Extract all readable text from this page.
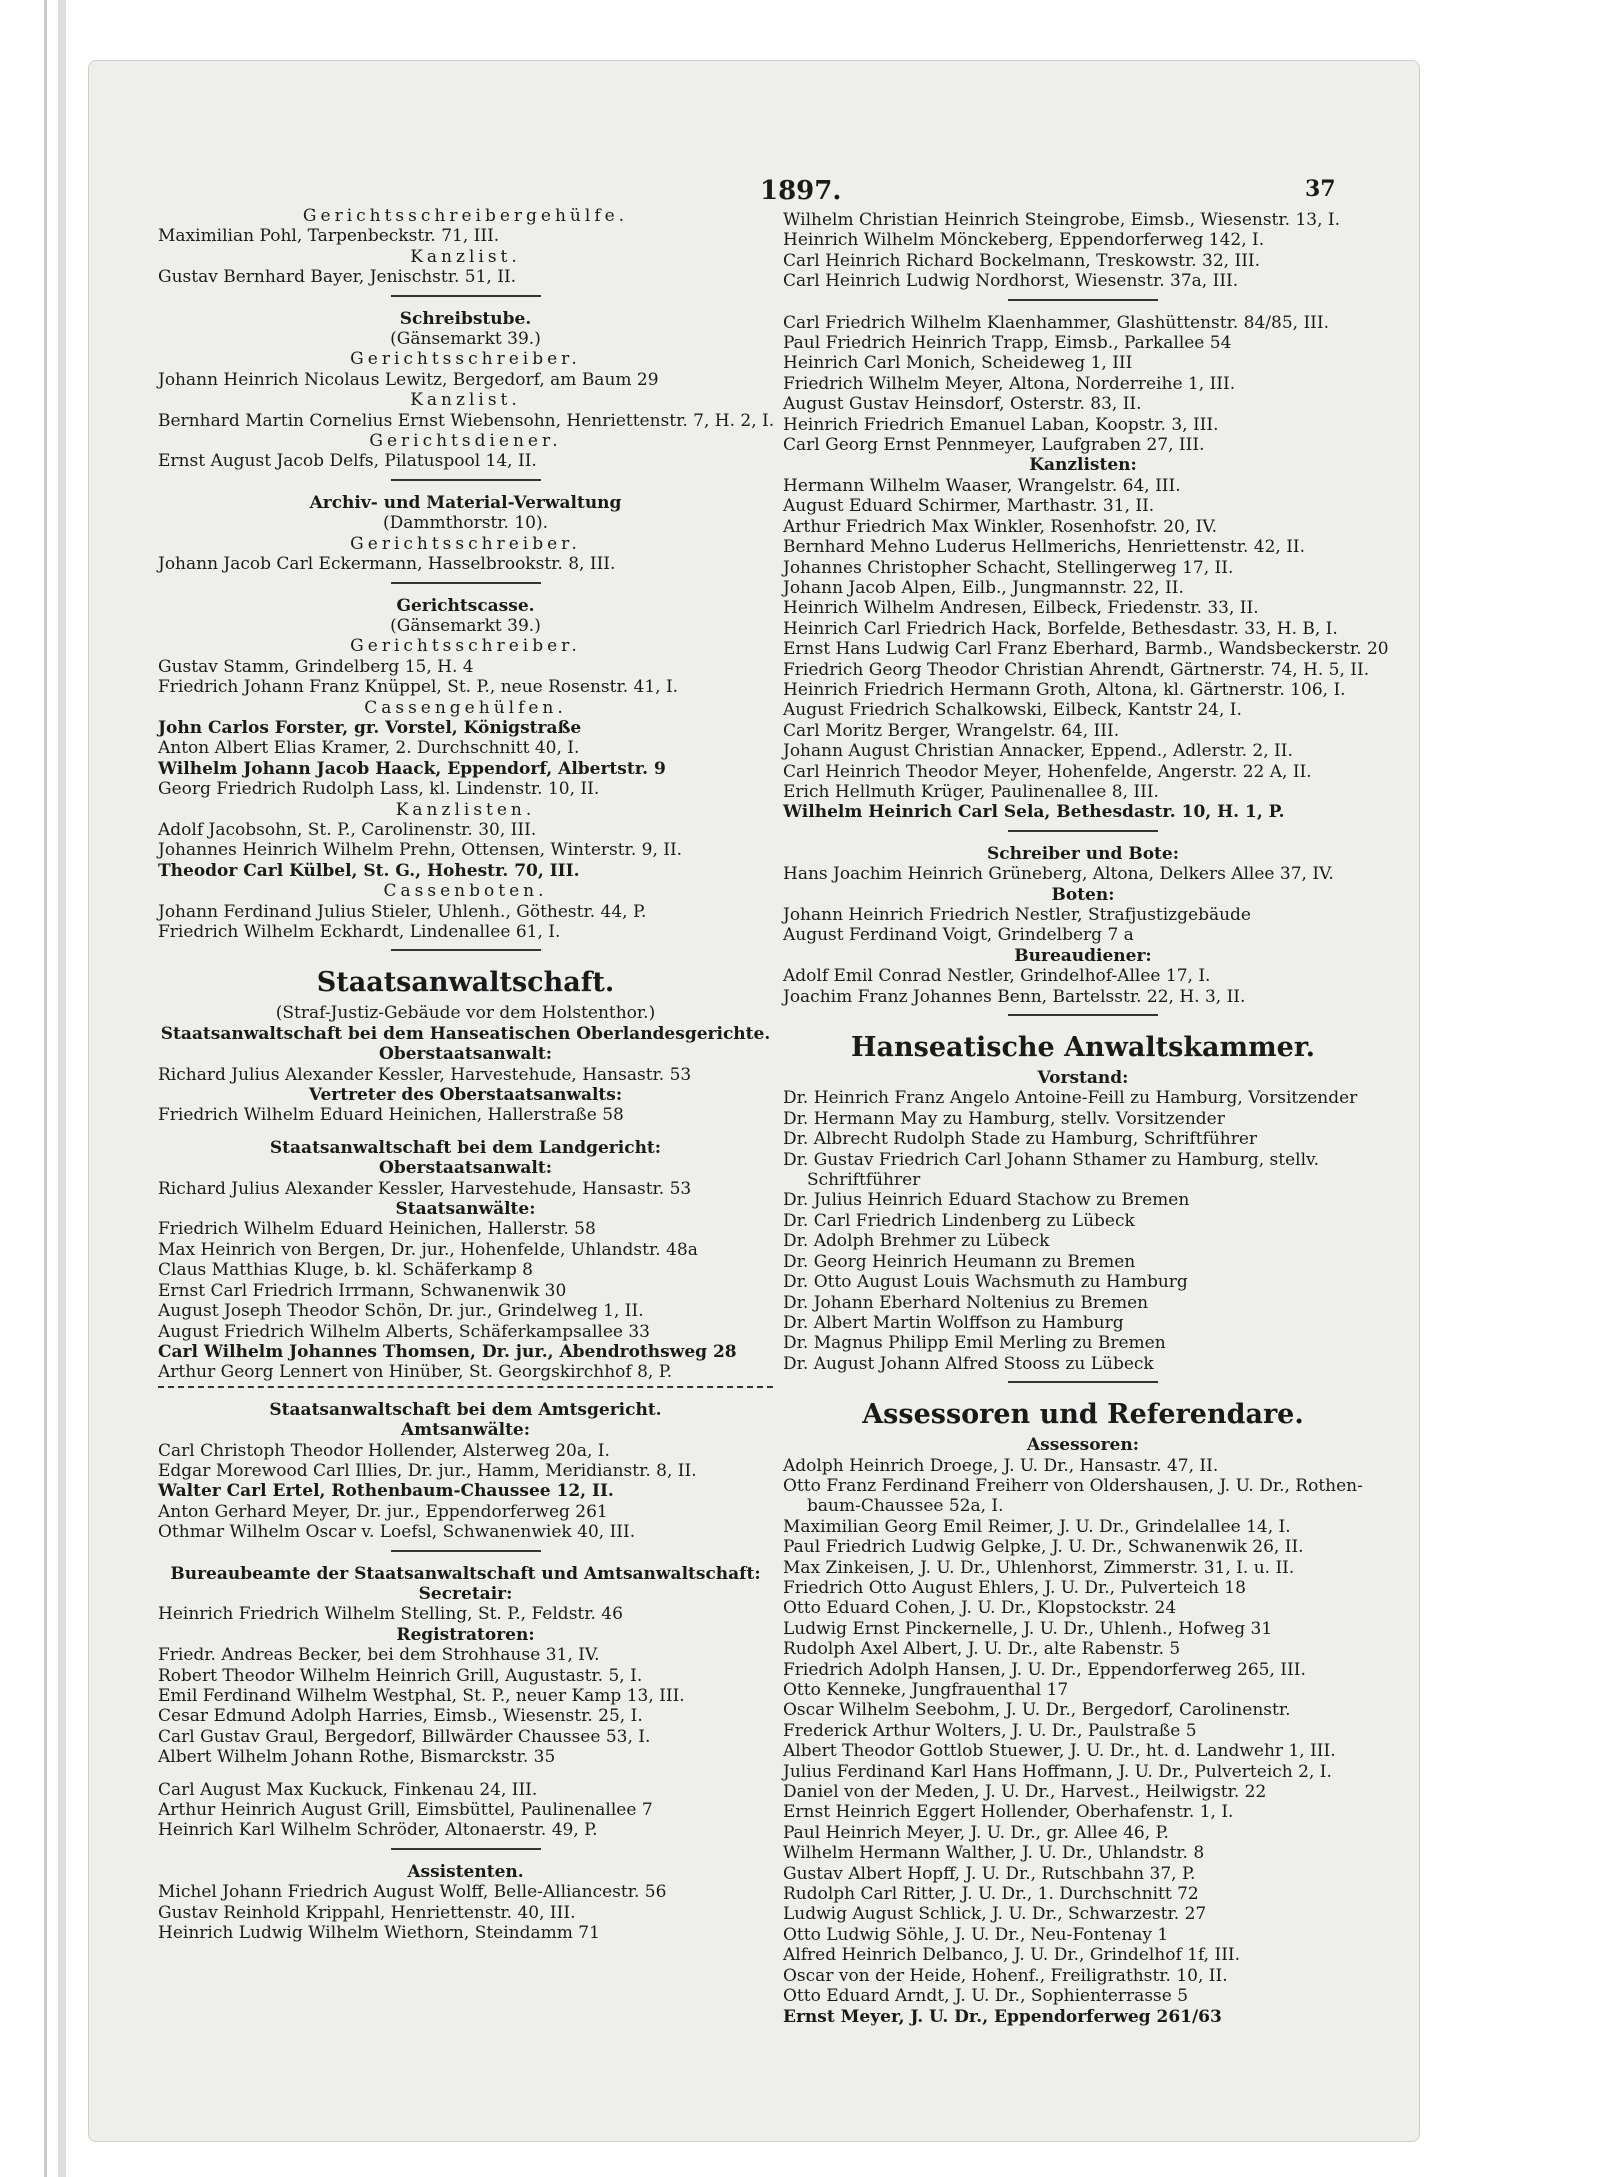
1897.	37
Gerichtsschreibergehülfe.
Maximilian Pohl, Tarpenbeckstr. 71, III.
Kanzlist.
Gustav Bernhard Bayer, Jenischstr. 51, II.
Schreibstube.
(Gänsemarkt 39.)
Gerichtsschreiber.
Johann Heinrich Nicolaus Lewitz, Bergedorf, am Baum 29
Kanzlist.
Bernhard Martin Cornelius Ernst Wiebensohn, Henriettenstr. 7, H. 2, I.
Gerichtsdiener.
Ernst August Jacob Delfs, Pilatuspool 14, II.
Archiv- und Material-Verwaltung
(Dammthorstr. 10).
Gerichtsschreiber.
Johann Jacob Carl Eckermann, Hasselbrookstr. 8, III.
Gerichtscasse.
(Gänsemarkt 39.)
Gerichtsschreiber.
Gustav Stamm, Grindelberg 15, H. 4
Friedrich Johann Franz Knüppel, St. P., neue Rosenstr. 41, I.
Cassengehülfen.
John Carlos Forster, gr. Vorstel, Königstraße
Anton Albert Elias Kramer, 2. Durchschnitt 40, I.
Wilhelm Johann Jacob Haack, Eppendorf, Albertstr. 9
Georg Friedrich Rudolph Lass, kl. Lindenstr. 10, II.
Kanzlisten.
Adolf Jacobsohn, St. P., Carolinenstr. 30, III.
Johannes Heinrich Wilhelm Prehn, Ottensen, Winterstr. 9, II.
Theodor Carl Külbel, St. G., Hohestr. 70, III.
Cassenboten.
Johann Ferdinand Julius Stieler, Uhlenh., Göthestr. 44, P.
Friedrich Wilhelm Eckhardt, Lindenallee 61, I.
Staatsanwaltschaft.
(Straf-Justiz-Gebäude vor dem Holstenthor.)
Staatsanwaltschaft bei dem Hanseatischen Oberlandesgerichte.
Oberstaatsanwalt:
Richard Julius Alexander Kessler, Harvestehude, Hansastr. 53
Vertreter des Oberstaatsanwalts:
Friedrich Wilhelm Eduard Heinichen, Hallerstraße 58
Staatsanwaltschaft bei dem Landgericht:
Oberstaatsanwalt:
Richard Julius Alexander Kessler, Harvestehude, Hansastr. 53
Staatsanwälte:
Friedrich Wilhelm Eduard Heinichen, Hallerstr. 58
Max Heinrich von Bergen, Dr. jur., Hohenfelde, Uhlandstr. 48a
Claus Matthias Kluge, b. kl. Schäferkamp 8
Ernst Carl Friedrich Irrmann, Schwanenwik 30
August Joseph Theodor Schön, Dr. jur., Grindelweg 1, II.
August Friedrich Wilhelm Alberts, Schäferkampsallee 33
Carl Wilhelm Johannes Thomsen, Dr. jur., Abendrothsweg 28
Arthur Georg Lennert von Hinüber, St. Georgskirchhof 8, P.
Staatsanwaltschaft bei dem Amtsgericht.
Amtsanwälte:
Carl Christoph Theodor Hollender, Alsterweg 20a, I.
Edgar Morewood Carl Illies, Dr. jur., Hamm, Meridianstr. 8, II.
Walter Carl Ertel, Rothenbaum-Chaussee 12, II.
Anton Gerhard Meyer, Dr. jur., Eppendorferweg 261
Othmar Wilhelm Oscar v. Loefsl, Schwanenwiek 40, III.
Bureaubeamte der Staatsanwaltschaft und Amtsanwaltschaft:
Secretair:
Heinrich Friedrich Wilhelm Stelling, St. P., Feldstr. 46
Registratoren:
Friedr. Andreas Becker, bei dem Strohhause 31, IV.
Robert Theodor Wilhelm Heinrich Grill, Augustastr. 5, I.
Emil Ferdinand Wilhelm Westphal, St. P., neuer Kamp 13, III.
Cesar Edmund Adolph Harries, Eimsb., Wiesenstr. 25, I.
Carl Gustav Graul, Bergedorf, Billwärder Chaussee 53, I.
Albert Wilhelm Johann Rothe, Bismarckstr. 35
Carl August Max Kuckuck, Finkenau 24, III.
Arthur Heinrich August Grill, Eimsbüttel, Paulinenallee 7
Heinrich Karl Wilhelm Schröder, Altonaerstr. 49, P.
Assistenten.
Michel Johann Friedrich August Wolff, Belle-Alliancestr. 56
Gustav Reinhold Krippahl, Henriettenstr. 40, III.
Heinrich Ludwig Wilhelm Wiethorn, Steindamm 71
Wilhelm Christian Heinrich Steingrobe, Eimsb., Wiesenstr. 13, I.
Heinrich Wilhelm Mönckeberg, Eppendorferweg 142, I.
Carl Heinrich Richard Bockelmann, Treskowstr. 32, III.
Carl Heinrich Ludwig Nordhorst, Wiesenstr. 37a, III.
Carl Friedrich Wilhelm Klaenhammer, Glashüttenstr. 84/85, III.
Paul Friedrich Heinrich Trapp, Eimsb., Parkallee 54
Heinrich Carl Monich, Scheideweg 1, III
Friedrich Wilhelm Meyer, Altona, Norderreihe 1, III.
August Gustav Heinsdorf, Osterstr. 83, II.
Heinrich Friedrich Emanuel Laban, Koopstr. 3, III.
Carl Georg Ernst Pennmeyer, Laufgraben 27, III.
Kanzlisten:
Hermann Wilhelm Waaser, Wrangelstr. 64, III.
August Eduard Schirmer, Marthastr. 31, II.
Arthur Friedrich Max Winkler, Rosenhofstr. 20, IV.
Bernhard Mehno Luderus Hellmerichs, Henriettenstr. 42, II.
Johannes Christopher Schacht, Stellingerweg 17, II.
Johann Jacob Alpen, Eilb., Jungmannstr. 22, II.
Heinrich Wilhelm Andresen, Eilbeck, Friedenstr. 33, II.
Heinrich Carl Friedrich Hack, Borfelde, Bethesdastr. 33, H. B, I.
Ernst Hans Ludwig Carl Franz Eberhard, Barmb., Wandsbeckerstr. 20
Friedrich Georg Theodor Christian Ahrendt, Gärtnerstr. 74, H. 5, II.
Heinrich Friedrich Hermann Groth, Altona, kl. Gärtnerstr. 106, I.
August Friedrich Schalkowski, Eilbeck, Kantstr 24, I.
Carl Moritz Berger, Wrangelstr. 64, III.
Johann August Christian Annacker, Eppend., Adlerstr. 2, II.
Carl Heinrich Theodor Meyer, Hohenfelde, Angerstr. 22 A, II.
Erich Hellmuth Krüger, Paulinenallee 8, III.
Wilhelm Heinrich Carl Sela, Bethesdastr. 10, H. 1, P.
Schreiber und Bote:
Hans Joachim Heinrich Grüneberg, Altona, Delkers Allee 37, IV.
Boten:
Johann Heinrich Friedrich Nestler, Strafjustizgebäude
August Ferdinand Voigt, Grindelberg 7 a
Bureaudiener:
Adolf Emil Conrad Nestler, Grindelhof-Allee 17, I.
Joachim Franz Johannes Benn, Bartelsstr. 22, H. 3, II.
Hanseatische Anwaltskammer.
Vorstand:
Dr. Heinrich Franz Angelo Antoine-Feill zu Hamburg, Vorsitzender
Dr. Hermann May zu Hamburg, stellv. Vorsitzender
Dr. Albrecht Rudolph Stade zu Hamburg, Schriftführer
Dr. Gustav Friedrich Carl Johann Sthamer zu Hamburg, stellv.
Schriftführer
Dr. Julius Heinrich Eduard Stachow zu Bremen
Dr. Carl Friedrich Lindenberg zu Lübeck
Dr. Adolph Brehmer zu Lübeck
Dr. Georg Heinrich Heumann zu Bremen
Dr. Otto August Louis Wachsmuth zu Hamburg
Dr. Johann Eberhard Noltenius zu Bremen
Dr. Albert Martin Wolffson zu Hamburg
Dr. Magnus Philipp Emil Merling zu Bremen
Dr. August Johann Alfred Stooss zu Lübeck
Assessoren und Referendare.
Assessoren:
Adolph Heinrich Droege, J. U. Dr., Hansastr. 47, II.
Otto Franz Ferdinand Freiherr von Oldershausen, J. U. Dr., Rothen-
baum-Chaussee 52a, I.
Maximilian Georg Emil Reimer, J. U. Dr., Grindelallee 14, I.
Paul Friedrich Ludwig Gelpke, J. U. Dr., Schwanenwik 26, II.
Max Zinkeisen, J. U. Dr., Uhlenhorst, Zimmerstr. 31, I. u. II.
Friedrich Otto August Ehlers, J. U. Dr., Pulverteich 18
Otto Eduard Cohen, J. U. Dr., Klopstockstr. 24
Ludwig Ernst Pinckernelle, J. U. Dr., Uhlenh., Hofweg 31
Rudolph Axel Albert, J. U. Dr., alte Rabenstr. 5
Friedrich Adolph Hansen, J. U. Dr., Eppendorferweg 265, III.
Otto Kenneke, Jungfrauenthal 17
Oscar Wilhelm Seebohm, J. U. Dr., Bergedorf, Carolinenstr.
Frederick Arthur Wolters, J. U. Dr., Paulstraße 5
Albert Theodor Gottlob Stuewer, J. U. Dr., ht. d. Landwehr 1, III.
Julius Ferdinand Karl Hans Hoffmann, J. U. Dr., Pulverteich 2, I.
Daniel von der Meden, J. U. Dr., Harvest., Heilwigstr. 22
Ernst Heinrich Eggert Hollender, Oberhafenstr. 1, I.
Paul Heinrich Meyer, J. U. Dr., gr. Allee 46, P.
Wilhelm Hermann Walther, J. U. Dr., Uhlandstr. 8
Gustav Albert Hopff, J. U. Dr., Rutschbahn 37, P.
Rudolph Carl Ritter, J. U. Dr., 1. Durchschnitt 72
Ludwig August Schlick, J. U. Dr., Schwarzestr. 27
Otto Ludwig Söhle, J. U. Dr., Neu-Fontenay 1
Alfred Heinrich Delbanco, J. U. Dr., Grindelhof 1f, III.
Oscar von der Heide, Hohenf., Freiligrathstr. 10, II.
Otto Eduard Arndt, J. U. Dr., Sophienterrasse 5
Ernst Meyer, J. U. Dr., Eppendorferweg 261/63
